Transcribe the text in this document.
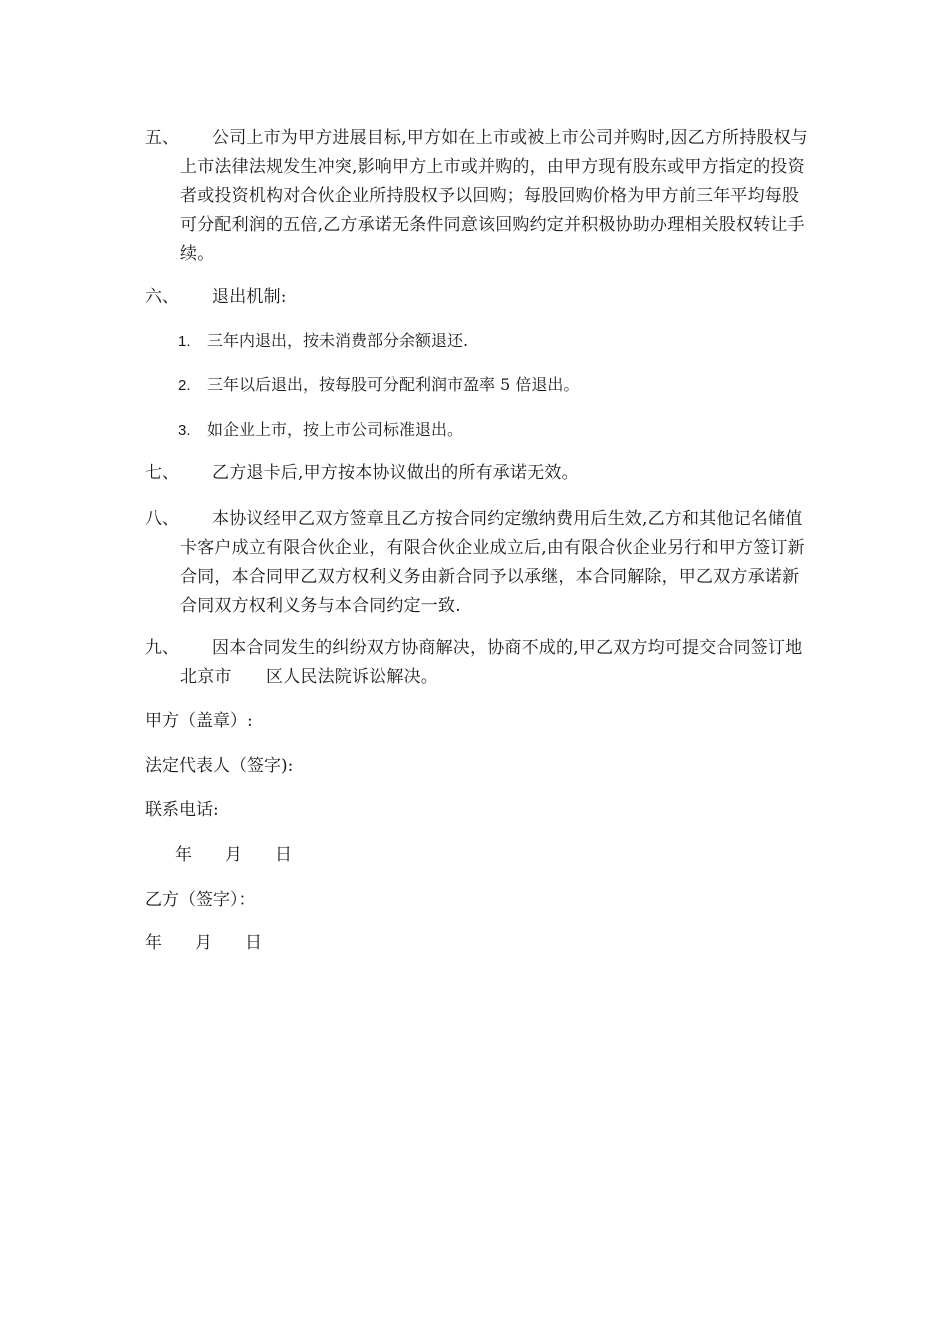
五、	公司上市为甲方进展目标,甲方如在上市或被上市公司并购时,因乙方所持股权与上市法律法规发生冲突,影响甲方上市或并购的，由甲方现有股东或甲方指定的投资者或投资机构对合伙企业所持股权予以回购；每股回购价格为甲方前三年平均每股可分配利润的五倍,乙方承诺无条件同意该回购约定并积极协助办理相关股权转让手续。
六、	退出机制:
1. 三年内退出，按未消费部分余额退还.
2. 三年以后退出，按每股可分配利润市盈率 5 倍退出。
3. 如企业上市，按上市公司标准退出。
七、	乙方退卡后,甲方按本协议做出的所有承诺无效。
八、	本协议经甲乙双方签章且乙方按合同约定缴纳费用后生效,乙方和其他记名储值卡客户成立有限合伙企业，有限合伙企业成立后,由有限合伙企业另行和甲方签订新合同，本合同甲乙双方权利义务由新合同予以承继，本合同解除，甲乙双方承诺新合同双方权利义务与本合同约定一致.
九、	因本合同发生的纠纷双方协商解决，协商不成的,甲乙双方均可提交合同签订地北京市　　区人民法院诉讼解决。
甲方（盖章）:
法定代表人（签字):
联系电话:
年 月 日
乙方（签字）：
年 月 日
